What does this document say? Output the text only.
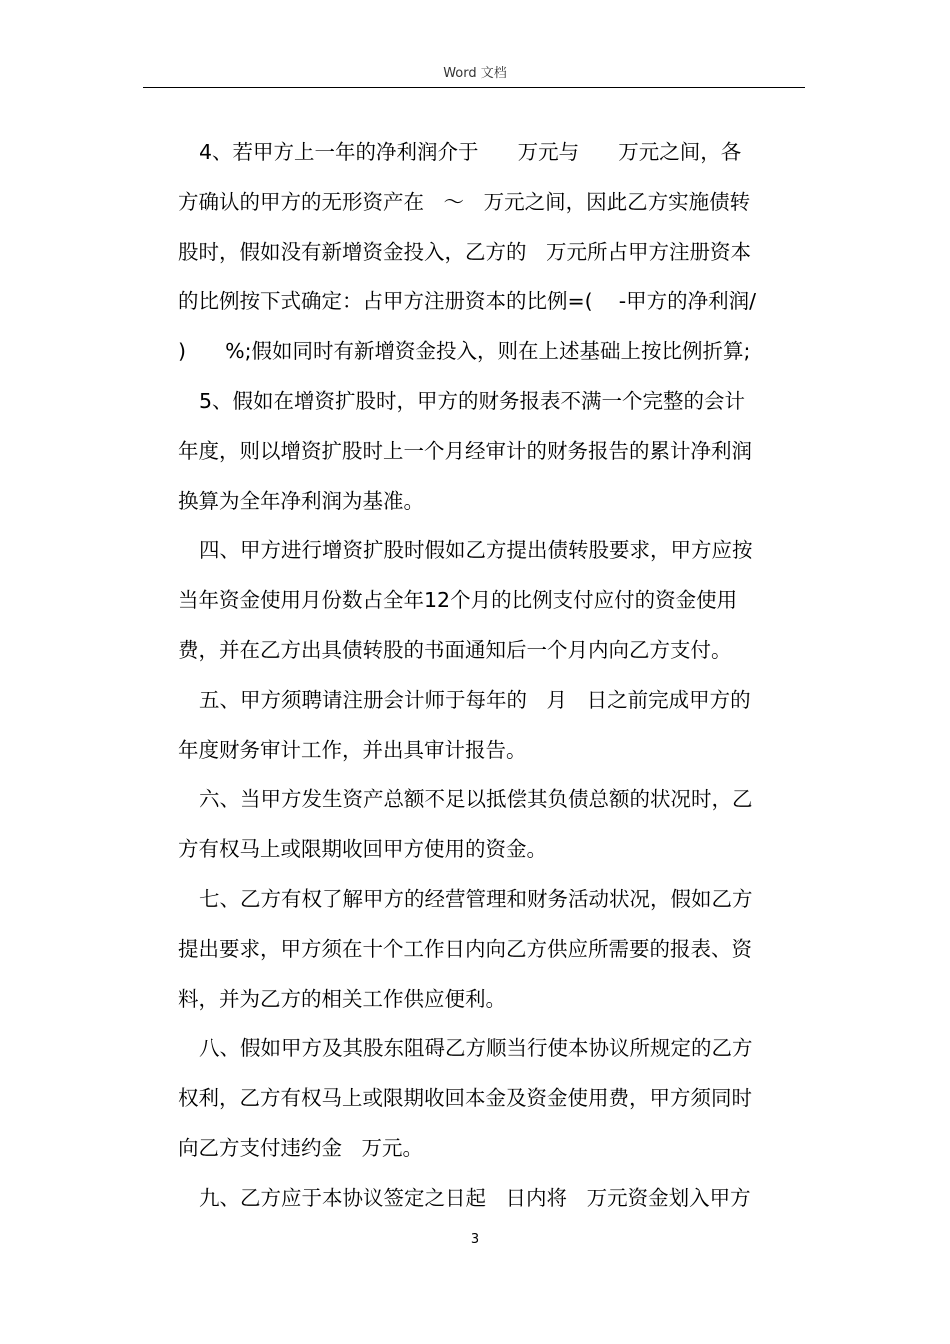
Word 文档
4、若甲方上一年的净利润介于      万元与      万元之间，各
方确认的甲方的无形资产在   ～   万元之间，因此乙方实施债转
股时，假如没有新增资金投入，乙方的   万元所占甲方注册资本
的比例按下式确定：占甲方注册资本的比例=(    -甲方的净利润/
)      %;假如同时有新增资金投入，则在上述基础上按比例折算;
5、假如在增资扩股时，甲方的财务报表不满一个完整的会计
年度，则以增资扩股时上一个月经审计的财务报告的累计净利润
换算为全年净利润为基准。
四、甲方进行增资扩股时假如乙方提出债转股要求，甲方应按
当年资金使用月份数占全年12个月的比例支付应付的资金使用
费，并在乙方出具债转股的书面通知后一个月内向乙方支付。
五、甲方须聘请注册会计师于每年的   月   日之前完成甲方的
年度财务审计工作，并出具审计报告。
六、当甲方发生资产总额不足以抵偿其负债总额的状况时，乙
方有权马上或限期收回甲方使用的资金。
七、乙方有权了解甲方的经营管理和财务活动状况，假如乙方
提出要求，甲方须在十个工作日内向乙方供应所需要的报表、资
料，并为乙方的相关工作供应便利。
八、假如甲方及其股东阻碍乙方顺当行使本协议所规定的乙方
权利，乙方有权马上或限期收回本金及资金使用费，甲方须同时
向乙方支付违约金   万元。
九、乙方应于本协议签定之日起   日内将   万元资金划入甲方
3
